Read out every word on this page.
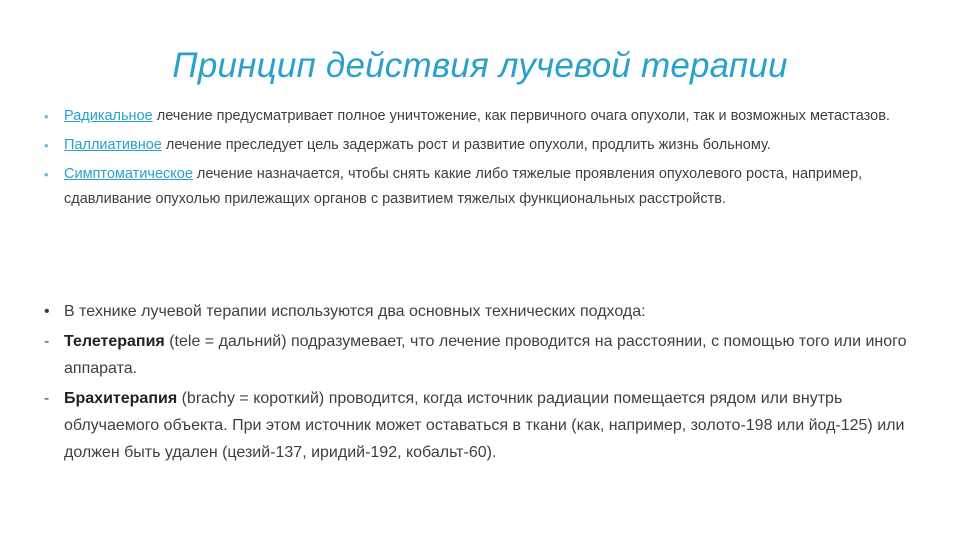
Принцип действия лучевой терапии
• Радикальное лечение предусматривает полное уничтожение, как первичного очага опухоли, так и возможных метастазов.
• Паллиативное лечение преследует цель задержать рост и развитие опухоли, продлить жизнь больному.
• Симптоматическое лечение назначается, чтобы снять какие либо тяжелые проявления опухолевого роста, например, сдавливание опухолью прилежащих органов с развитием тяжелых функциональных расстройств.
• В технике лучевой терапии используются два основных технических подхода:
- Телетерапия (tele = дальний) подразумевает, что лечение проводится на расстоянии, с помощью того или иного аппарата.
- Брахитерапия (brachy = короткий) проводится, когда источник радиации помещается рядом или внутрь облучаемого объекта. При этом источник может оставаться в ткани (как, например, золото-198 или йод-125) или должен быть удален (цезий-137, иридий-192, кобальт-60).
